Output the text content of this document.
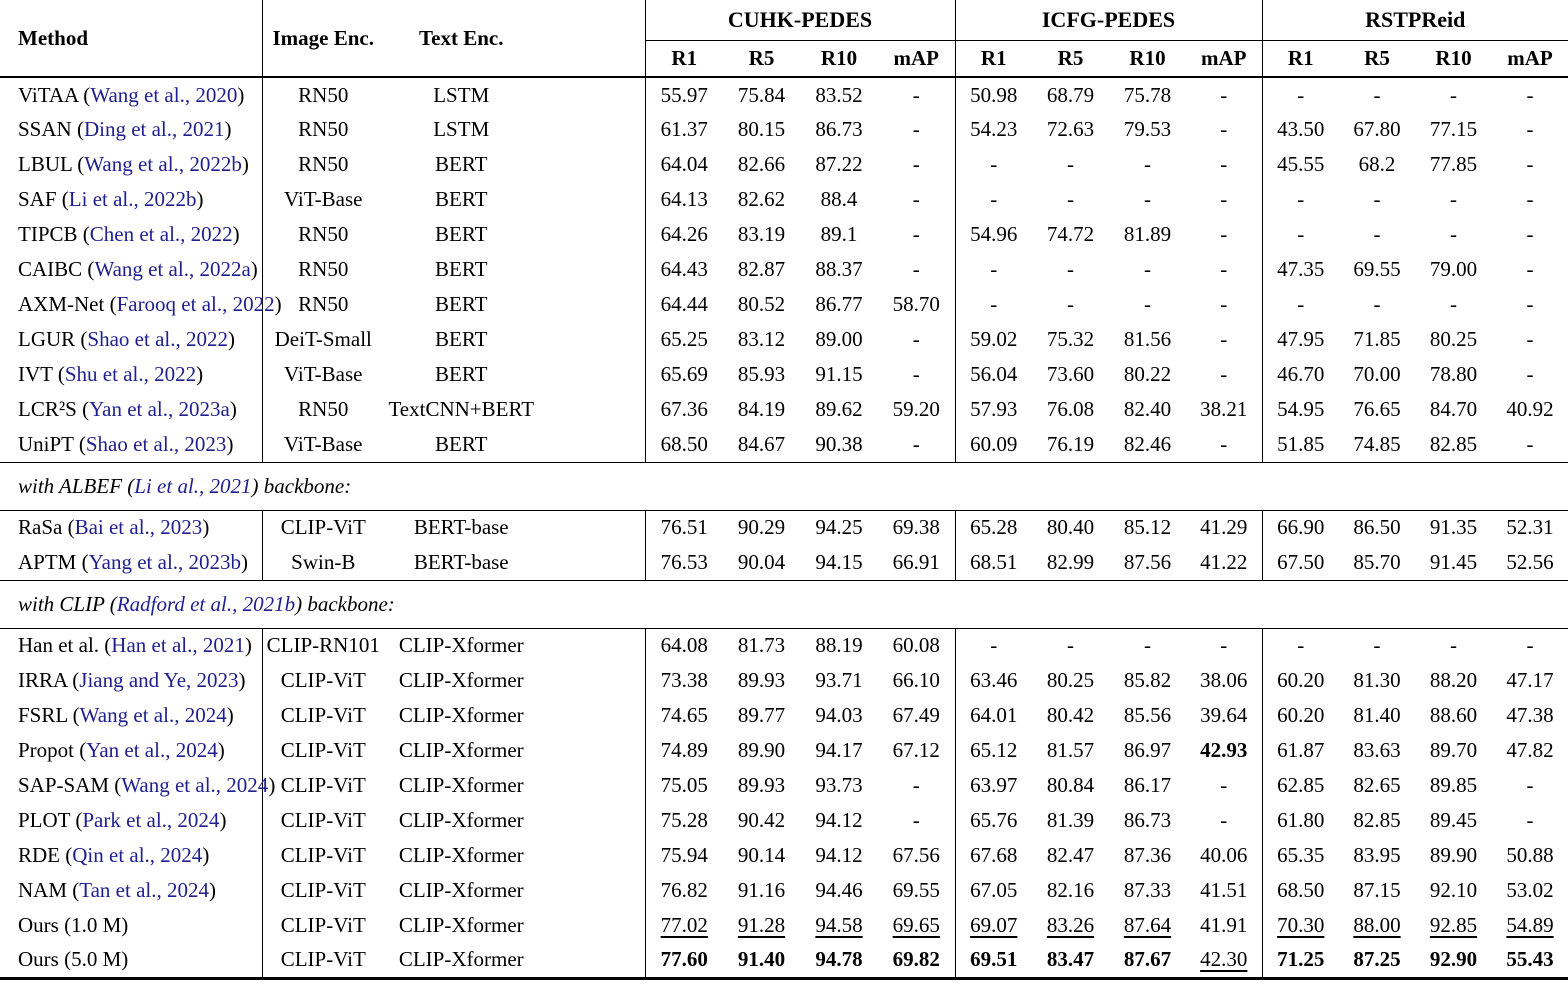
Method	Image Enc.	Text Enc.	CUHK-PEDES				ICFG-PEDES				RSTPReid			
			R1	R5	R10	mAP	R1	R5	R10	mAP	R1	R5	R10	mAP
ViTAA (Wang et al., 2020)	RN50	LSTM	55.97	75.84	83.52	-	50.98	68.79	75.78	-	-	-	-	-
SSAN (Ding et al., 2021)	RN50	LSTM	61.37	80.15	86.73	-	54.23	72.63	79.53	-	43.50	67.80	77.15	-
LBUL (Wang et al., 2022b)	RN50	BERT	64.04	82.66	87.22	-	-	-	-	-	45.55	68.2	77.85	-
SAF (Li et al., 2022b)	ViT-Base	BERT	64.13	82.62	88.4	-	-	-	-	-	-	-	-	-
TIPCB (Chen et al., 2022)	RN50	BERT	64.26	83.19	89.1	-	54.96	74.72	81.89	-	-	-	-	-
CAIBC (Wang et al., 2022a)	RN50	BERT	64.43	82.87	88.37	-	-	-	-	-	47.35	69.55	79.00	-
AXM-Net (Farooq et al., 2022)	RN50	BERT	64.44	80.52	86.77	58.70	-	-	-	-	-	-	-	-
LGUR (Shao et al., 2022)	DeiT-Small	BERT	65.25	83.12	89.00	-	59.02	75.32	81.56	-	47.95	71.85	80.25	-
IVT (Shu et al., 2022)	ViT-Base	BERT	65.69	85.93	91.15	-	56.04	73.60	80.22	-	46.70	70.00	78.80	-
LCR²S (Yan et al., 2023a)	RN50	TextCNN+BERT	67.36	84.19	89.62	59.20	57.93	76.08	82.40	38.21	54.95	76.65	84.70	40.92
UniPT (Shao et al., 2023)	ViT-Base	BERT	68.50	84.67	90.38	-	60.09	76.19	82.46	-	51.85	74.85	82.85	-
with ALBEF (Li et al., 2021) backbone:														
RaSa (Bai et al., 2023)	CLIP-ViT	BERT-base	76.51	90.29	94.25	69.38	65.28	80.40	85.12	41.29	66.90	86.50	91.35	52.31
APTM (Yang et al., 2023b)	Swin-B	BERT-base	76.53	90.04	94.15	66.91	68.51	82.99	87.56	41.22	67.50	85.70	91.45	52.56
with CLIP (Radford et al., 2021b) backbone:														
Han et al. (Han et al., 2021)	CLIP-RN101	CLIP-Xformer	64.08	81.73	88.19	60.08	-	-	-	-	-	-	-	-
IRRA (Jiang and Ye, 2023)	CLIP-ViT	CLIP-Xformer	73.38	89.93	93.71	66.10	63.46	80.25	85.82	38.06	60.20	81.30	88.20	47.17
FSRL (Wang et al., 2024)	CLIP-ViT	CLIP-Xformer	74.65	89.77	94.03	67.49	64.01	80.42	85.56	39.64	60.20	81.40	88.60	47.38
Propot (Yan et al., 2024)	CLIP-ViT	CLIP-Xformer	74.89	89.90	94.17	67.12	65.12	81.57	86.97	42.93	61.87	83.63	89.70	47.82
SAP-SAM (Wang et al., 2024)	CLIP-ViT	CLIP-Xformer	75.05	89.93	93.73	-	63.97	80.84	86.17	-	62.85	82.65	89.85	-
PLOT (Park et al., 2024)	CLIP-ViT	CLIP-Xformer	75.28	90.42	94.12	-	65.76	81.39	86.73	-	61.80	82.85	89.45	-
RDE (Qin et al., 2024)	CLIP-ViT	CLIP-Xformer	75.94	90.14	94.12	67.56	67.68	82.47	87.36	40.06	65.35	83.95	89.90	50.88
NAM (Tan et al., 2024)	CLIP-ViT	CLIP-Xformer	76.82	91.16	94.46	69.55	67.05	82.16	87.33	41.51	68.50	87.15	92.10	53.02
Ours (1.0 M)	CLIP-ViT	CLIP-Xformer	77.02	91.28	94.58	69.65	69.07	83.26	87.64	41.91	70.30	88.00	92.85	54.89
Ours (5.0 M)	CLIP-ViT	CLIP-Xformer	77.60	91.40	94.78	69.82	69.51	83.47	87.67	42.30	71.25	87.25	92.90	55.43
